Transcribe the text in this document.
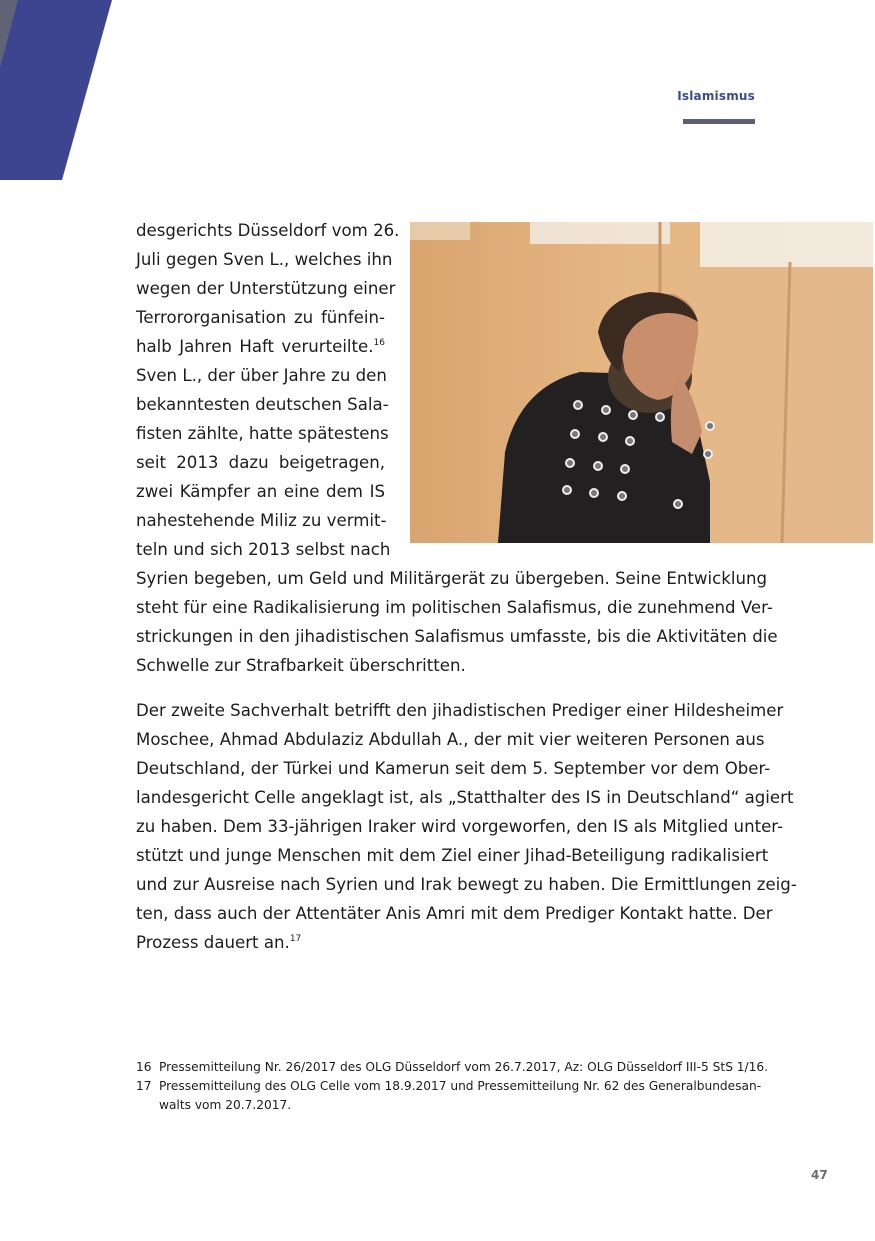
Islamismus
desgerichts Düsseldorf vom 26.
Juli gegen Sven L., welches ihn
wegen der Unterstützung einer
Terrororganisation zu fünfein-
halb Jahren Haft verurteilte.$^{16}$
Sven L., der über Jahre zu den
bekanntesten deutschen Sala-
fisten zählte, hatte spätestens
seit 2013 dazu beigetragen,
zwei Kämpfer an eine dem IS
nahestehende Miliz zu vermit-
teln und sich 2013 selbst nach
Syrien begeben, um Geld und Militärgerät zu übergeben. Seine Entwicklung
steht für eine Radikalisierung im politischen Salafismus, die zunehmend Ver-
strickungen in den jihadistischen Salafismus umfasste, bis die Aktivitäten die
Schwelle zur Strafbarkeit überschritten.
Der zweite Sachverhalt betrifft den jihadistischen Prediger einer Hildesheimer
Moschee, Ahmad Abdulaziz Abdullah A., der mit vier weiteren Personen aus
Deutschland, der Türkei und Kamerun seit dem 5. September vor dem Ober-
landesgericht Celle angeklagt ist, als „Statthalter des IS in Deutschland“ agiert
zu haben. Dem 33-jährigen Iraker wird vorgeworfen, den IS als Mitglied unter-
stützt und junge Menschen mit dem Ziel einer Jihad-Beteiligung radikalisiert
und zur Ausreise nach Syrien und Irak bewegt zu haben. Die Ermittlungen zeig-
ten, dass auch der Attentäter Anis Amri mit dem Prediger Kontakt hatte. Der
Prozess dauert an.$^{17}$
16 Pressemitteilung Nr. 26/2017 des OLG Düsseldorf vom 26.7.2017, Az: OLG Düsseldorf III-5 StS 1/16.
17 Pressemitteilung des OLG Celle vom 18.9.2017 und Pressemitteilung Nr. 62 des Generalbundesan-
walts vom 20.7.2017.
47
